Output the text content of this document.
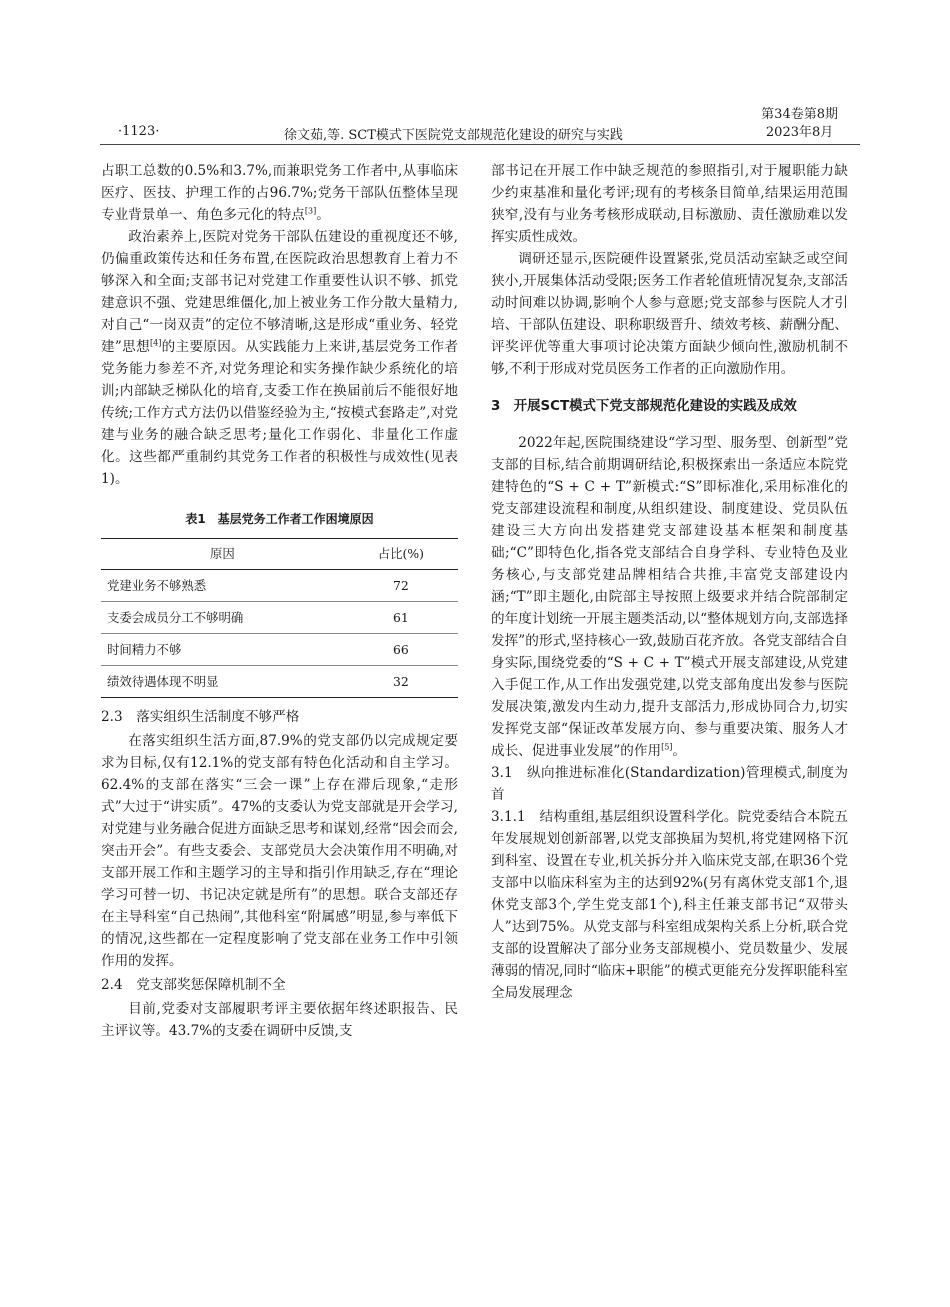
·1123·	徐文茹,等. SCT模式下医院党支部规范化建设的研究与实践
第34卷第8期
2023年8月

占职工总数的0.5%和3.7%,而兼职党务工作者中,从事临床医疗、医技、护理工作的占96.7%;党务干部队伍整体呈现专业背景单一、角色多元化的特点[3]。

政治素养上,医院对党务干部队伍建设的重视度还不够,仍偏重政策传达和任务布置,在医院政治思想教育上着力不够深入和全面;支部书记对党建工作重要性认识不够、抓党建意识不强、党建思维僵化,加上被业务工作分散大量精力,对自己“一岗双责”的定位不够清晰,这是形成“重业务、轻党建”思想[4]的主要原因。从实践能力上来讲,基层党务工作者党务能力参差不齐,对党务理论和实务操作缺少系统化的培训;内部缺乏梯队化的培育,支委工作在换届前后不能很好地传统;工作方式方法仍以借鉴经验为主,“按模式套路走”,对党建与业务的融合缺乏思考;量化工作弱化、非量化工作虚化。这些都严重制约其党务工作者的积极性与成效性(见表1)。

表1　基层党务工作者工作困境原因
原因	占比(%)
党建业务不够熟悉	72
支委会成员分工不够明确	61
时间精力不够	66
绩效待遇体现不明显	32

2.3　落实组织生活制度不够严格

在落实组织生活方面,87.9%的党支部仍以完成规定要求为目标,仅有12.1%的党支部有特色化活动和自主学习。62.4%的支部在落实“三会一课”上存在滞后现象,“走形式”大过于“讲实质”。47%的支委认为党支部就是开会学习,对党建与业务融合促进方面缺乏思考和谋划,经常“因会而会,突击开会”。有些支委会、支部党员大会决策作用不明确,对支部开展工作和主题学习的主导和指引作用缺乏,存在“理论学习可替一切、书记决定就是所有”的思想。联合支部还存在主导科室“自己热闹”,其他科室“附属感”明显,参与率低下的情况,这些都在一定程度影响了党支部在业务工作中引领作用的发挥。

2.4　党支部奖惩保障机制不全

目前,党委对支部履职考评主要依据年终述职报告、民主评议等。43.7%的支委在调研中反馈,支

部书记在开展工作中缺乏规范的参照指引,对于履职能力缺少约束基准和量化考评;现有的考核条目简单,结果运用范围狭窄,没有与业务考核形成联动,目标激励、责任激励难以发挥实质性成效。

调研还显示,医院硬件设置紧张,党员活动室缺乏或空间狭小,开展集体活动受限;医务工作者轮值班情况复杂,支部活动时间难以协调,影响个人参与意愿;党支部参与医院人才引培、干部队伍建设、职称职级晋升、绩效考核、薪酬分配、评奖评优等重大事项讨论决策方面缺少倾向性,激励机制不够,不利于形成对党员医务工作者的正向激励作用。

3　开展SCT模式下党支部规范化建设的实践及成效

2022年起,医院围绕建设“学习型、服务型、创新型”党支部的目标,结合前期调研结论,积极探索出一条适应本院党建特色的“S + C + T”新模式:“S”即标准化,采用标准化的党支部建设流程和制度,从组织建设、制度建设、党员队伍建设三大方向出发搭建党支部建设基本框架和制度基础;“C”即特色化,指各党支部结合自身学科、专业特色及业务核心,与支部党建品牌相结合共推,丰富党支部建设内涵;“T”即主题化,由院部主导按照上级要求并结合院部制定的年度计划统一开展主题类活动,以“整体规划方向,支部选择发挥”的形式,坚持核心一致,鼓励百花齐放。各党支部结合自身实际,围绕党委的“S + C + T”模式开展支部建设,从党建入手促工作,从工作出发强党建,以党支部角度出发参与医院发展决策,激发内生动力,提升支部活力,形成协同合力,切实发挥党支部“保证改革发展方向、参与重要决策、服务人才成长、促进事业发展”的作用[5]。

3.1　纵向推进标准化(Standardization)管理模式,制度为首

3.1.1　结构重组,基层组织设置科学化。院党委结合本院五年发展规划创新部署,以党支部换届为契机,将党建网格下沉到科室、设置在专业,机关拆分并入临床党支部,在职36个党支部中以临床科室为主的达到92%(另有离休党支部1个,退休党支部3个,学生党支部1个),科主任兼支部书记“双带头人”达到75%。从党支部与科室组成架构关系上分析,联合党支部的设置解决了部分业务支部规模小、党员数量少、发展薄弱的情况,同时“临床+职能”的模式更能充分发挥职能科室全局发展理念
